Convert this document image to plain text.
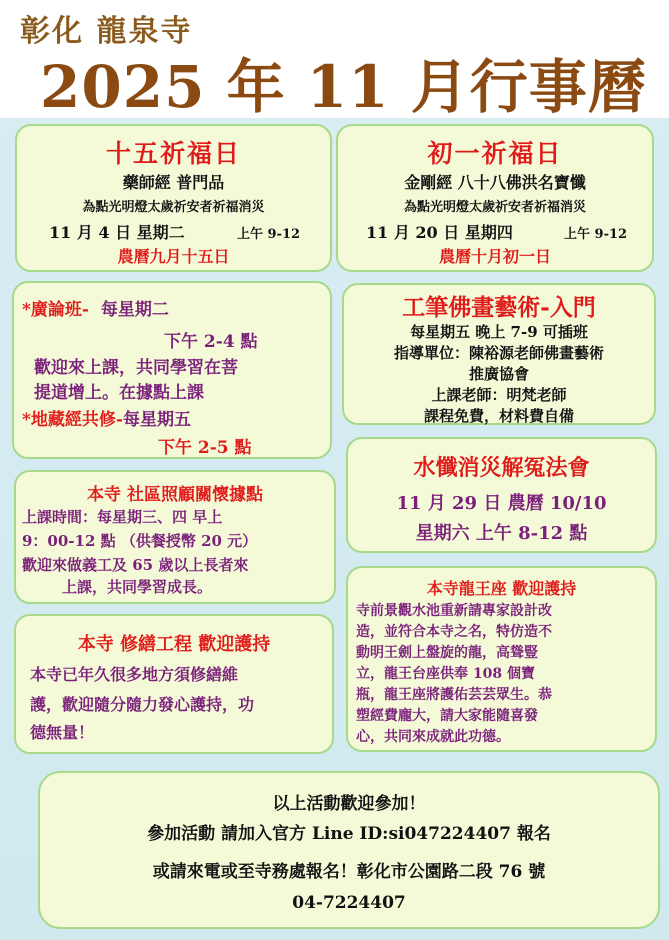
彰化 龍泉寺
2025 年 11 月行事曆
十五祈福日
藥師經 普門品
為點光明燈太歲祈安者祈福消災
11 月 4 日 星期二	上午 9-12
農曆九月十五日
初一祈福日
金剛經 八十八佛洪名寶懺
為點光明燈太歲祈安者祈福消災
11 月 20 日 星期四	上午 9-12
農曆十月初一日
*廣論班- 每星期二
下午 2-4 點
歡迎來上課，共同學習在菩
提道增上。在據點上課
*地藏經共修-每星期五
下午 2-5 點
工筆佛畫藝術-入門
每星期五 晚上 7-9 可插班
指導單位：陳裕源老師佛畫藝術
推廣協會
上課老師：明梵老師
課程免費，材料費自備
本寺 社區照顧關懷據點
上課時間：每星期三、四 早上
9：00-12 點 （供餐授幣 20 元）
歡迎來做義工及 65 歲以上長者來
上課，共同學習成長。
水懺消災解冤法會
11 月 29 日 農曆 10/10
星期六 上午 8-12 點
本寺 修繕工程 歡迎護持
本寺已年久很多地方須修繕維
護，歡迎隨分隨力發心護持，功
德無量！
本寺龍王座 歡迎護持
寺前景觀水池重新請專家設計改
造，並符合本寺之名，特仿造不
動明王劍上盤旋的龍，高聳豎
立，龍王台座供奉 108 個寶
瓶，龍王座將護佑芸芸眾生。恭
塑經費龐大，請大家能隨喜發
心，共同來成就此功德。
以上活動歡迎參加！
參加活動 請加入官方 Line ID:si047224407 報名
或請來電或至寺務處報名！彰化市公園路二段 76 號
04-7224407
